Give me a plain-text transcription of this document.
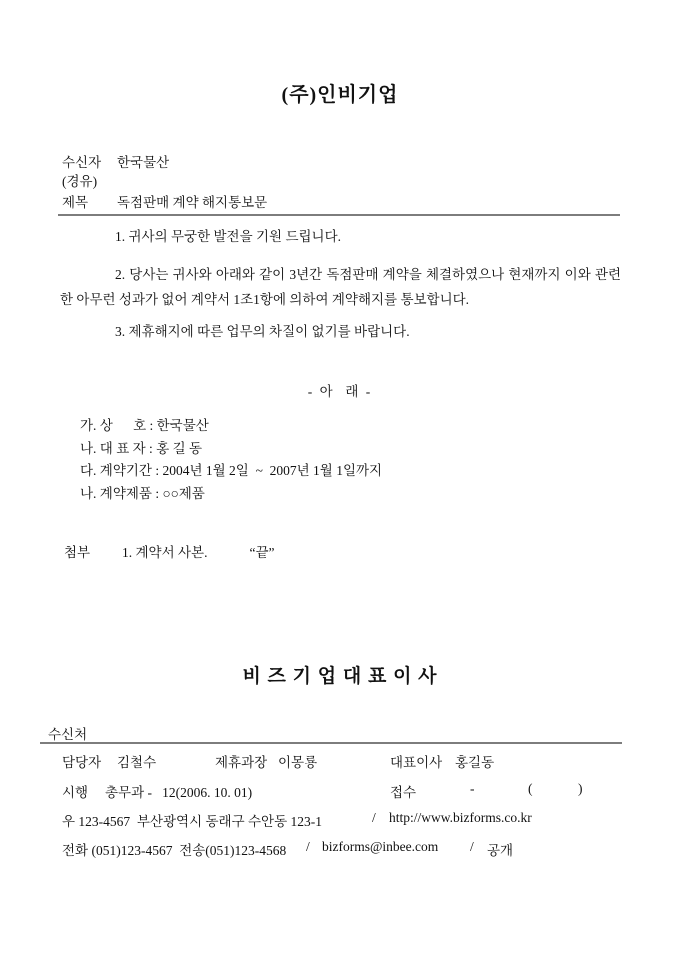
(주)인비기업
수신자	한국물산
(경유)
제목	독점판매 계약 해지통보문
1. 귀사의 무궁한 발전을 기원 드립니다.
2. 당사는 귀사와 아래와 같이 3년간 독점판매 계약을 체결하였으나 현재까지 이와 관련한 아무런 성과가 없어 계약서 1조1항에 의하여 계약해지를 통보합니다.
3. 제휴해지에 따른 업무의 차질이 없기를 바랍니다.
- 아  래 -
가. 상      호 : 한국물산
나. 대 표 자 : 홍 길 동
다. 계약기간 : 2004년 1월 2일  ~  2007년 1월 1일까지
나. 계약제품 : ○○제품
첨부	1. 계약서 사본.	“끝”
비 즈 기 업 대 표 이 사
수신처
담당자 김철수	제휴과장 이몽룡	대표이사 홍길동
시행 총무과 -   12(2006. 10. 01)	접수	-	(	)
우 123-4567  부산광역시 동래구 수안동 123-1	/ http://www.bizforms.co.kr
전화 (051)123-4567  전송(051)123-4568 / bizforms@inbee.com / 공개
